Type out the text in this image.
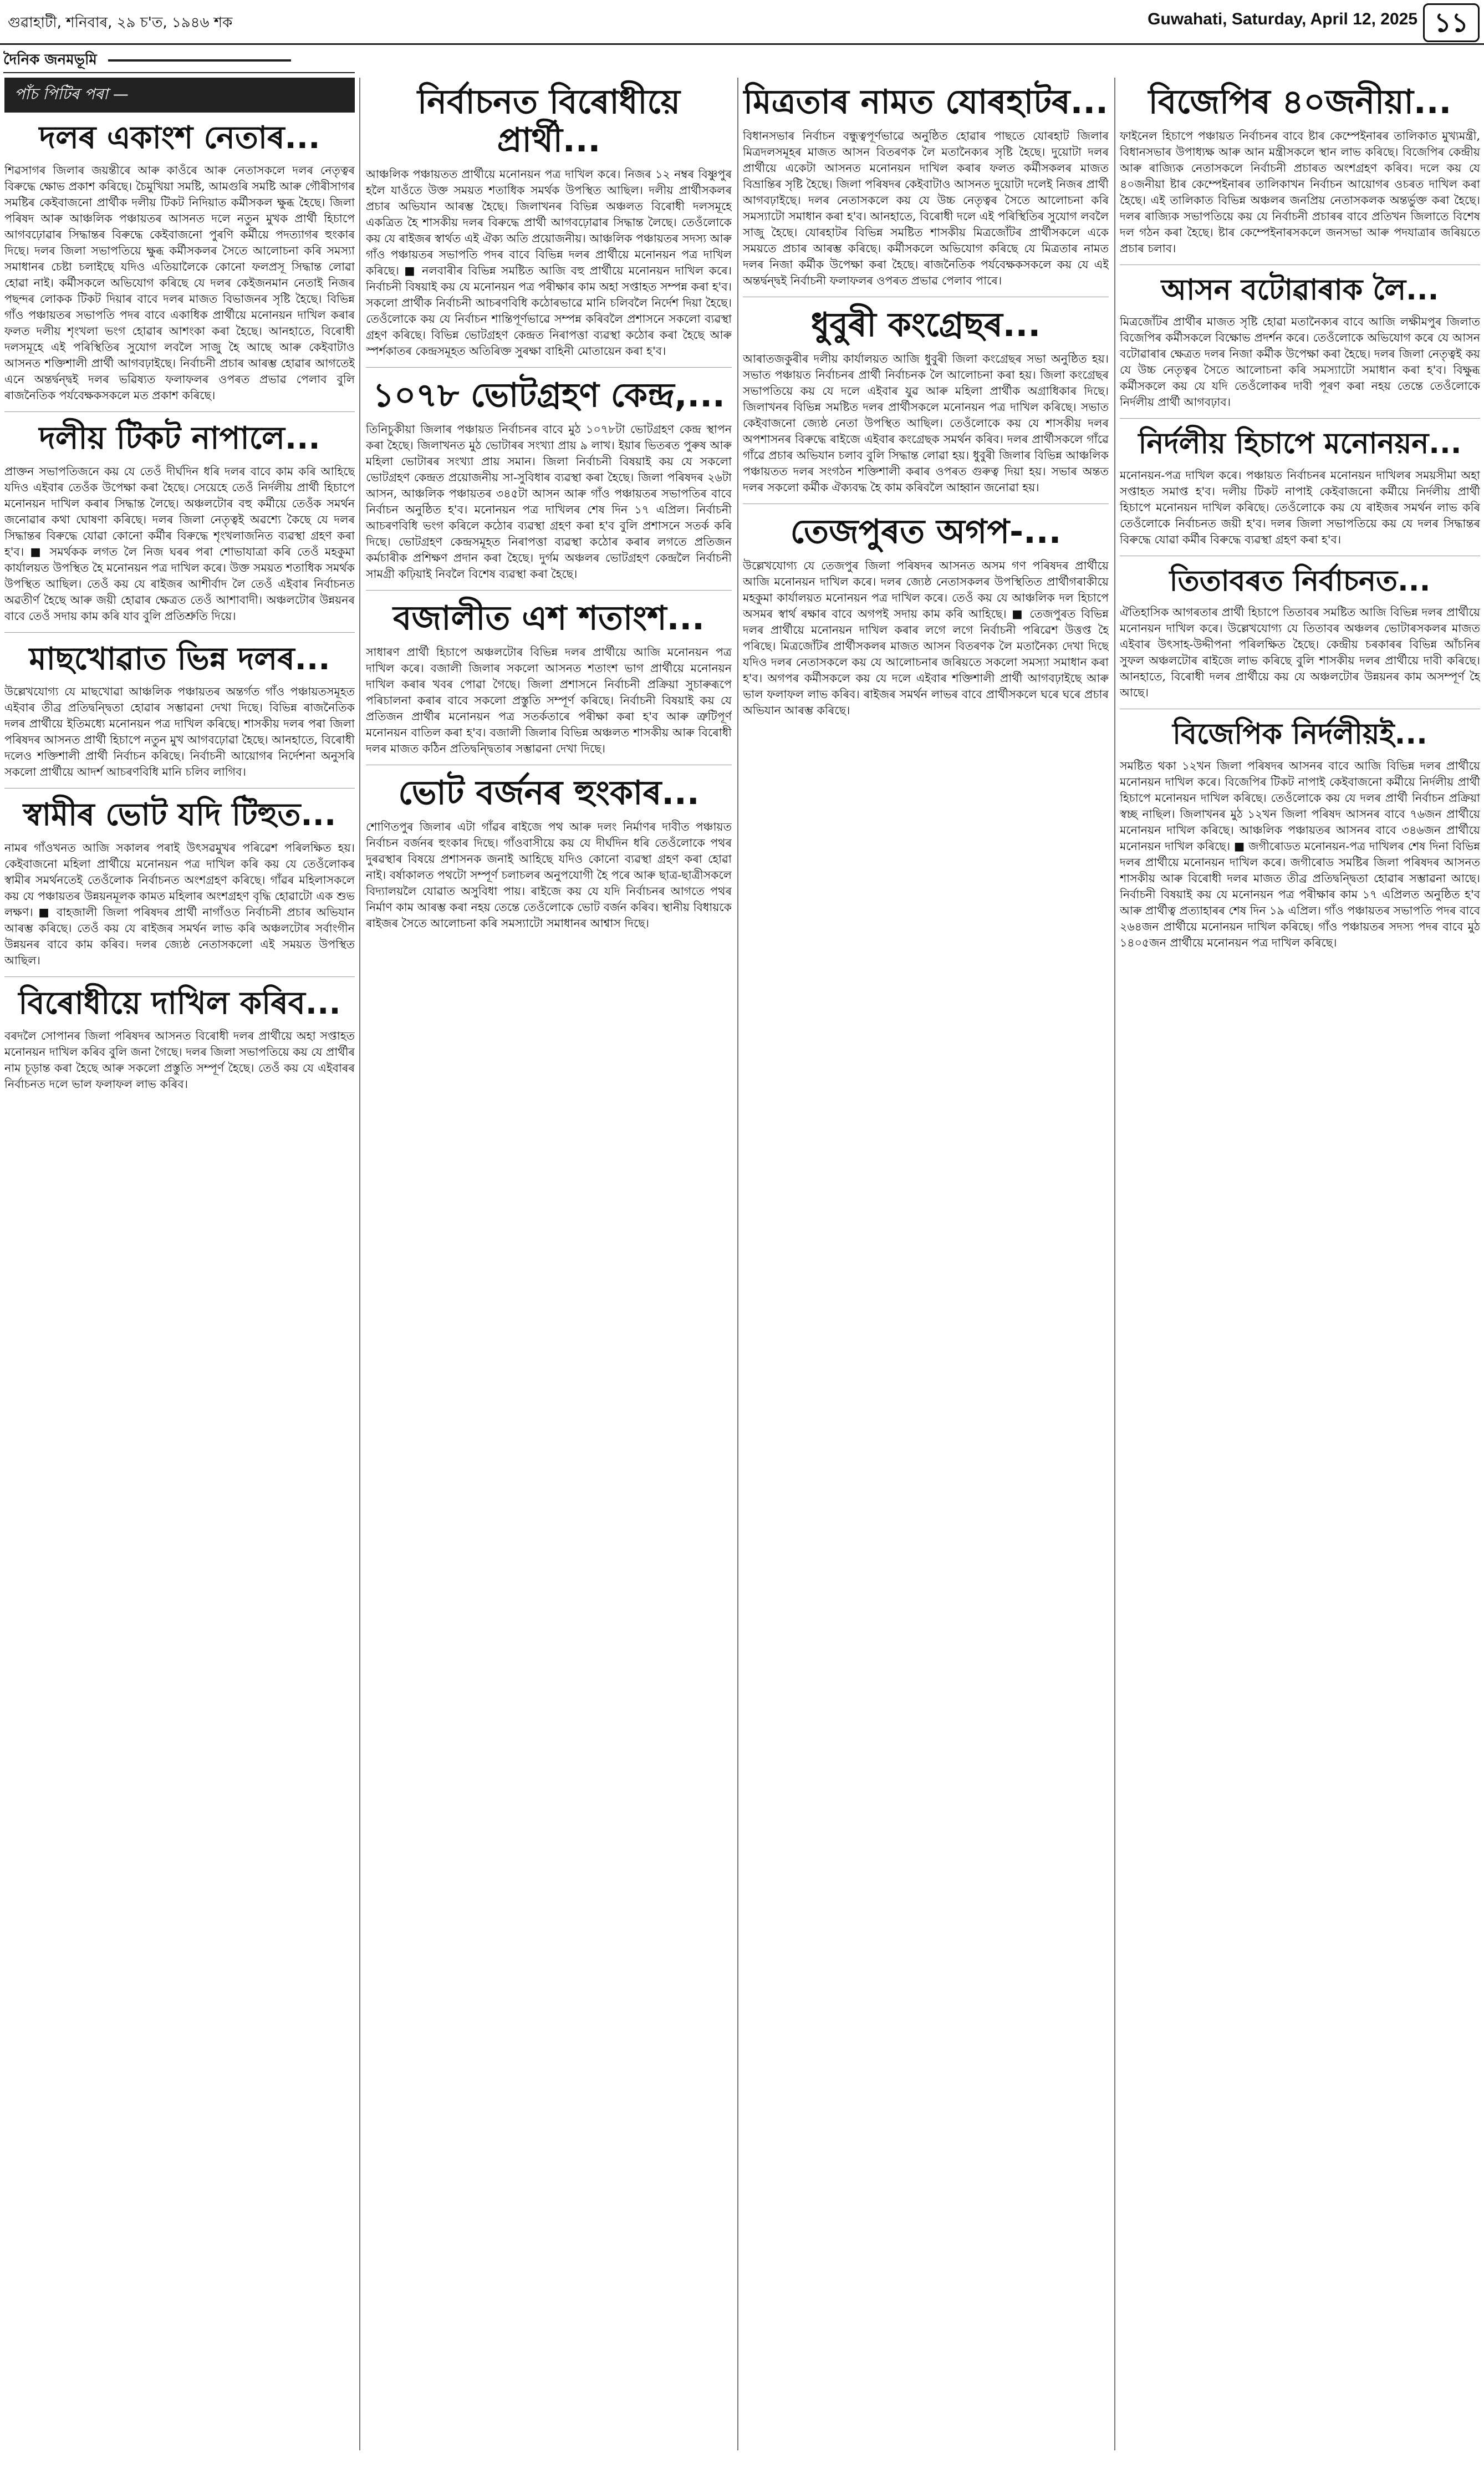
গুৱাহাটী, শনিবাৰ, ২৯ চ'ত, ১৯৪৬ শক	Guwahati, Saturday, April 12, 2025 ১১
দৈনিক জনমভূমি
পাঁচ পিটিৰ পৰা —
দলৰ একাংশ নেতাৰ...

শিৱসাগৰ জিলাৰ জয়ন্তীৰে আৰু কাওঁৰে আৰু নেতাসকলে দলৰ নেতৃত্বৰ বিৰুদ্ধে ক্ষোভ প্ৰকাশ কৰিছে। চৈমুখিয়া সমষ্টি, আমগুৰি সমষ্টি আৰু গৌৰীসাগৰ সমষ্টিৰ কেইবাজনো প্ৰাৰ্থীক দলীয় টিকট নিদিয়াত কৰ্মীসকল ক্ষুব্ধ হৈছে। জিলা পৰিষদ আৰু আঞ্চলিক পঞ্চায়তৰ আসনত দলে নতুন মুখক প্ৰাৰ্থী হিচাপে আগবঢ়োৱাৰ সিদ্ধান্তৰ বিৰুদ্ধে কেইবাজনো পুৰণি কৰ্মীয়ে পদত্যাগৰ হুংকাৰ দিছে। দলৰ জিলা সভাপতিয়ে ক্ষুব্ধ কৰ্মীসকলৰ সৈতে আলোচনা কৰি সমস্যা সমাধানৰ চেষ্টা চলাইছে যদিও এতিয়ালৈকে কোনো ফলপ্ৰসূ সিদ্ধান্ত লোৱা হোৱা নাই। কৰ্মীসকলে অভিযোগ কৰিছে যে দলৰ কেইজনমান নেতাই নিজৰ পছন্দৰ লোকক টিকট দিয়াৰ বাবে দলৰ মাজত বিভাজনৰ সৃষ্টি হৈছে। বিভিন্ন গাঁও পঞ্চায়তৰ সভাপতি পদৰ বাবে একাধিক প্ৰাৰ্থীয়ে মনোনয়ন দাখিল কৰাৰ ফলত দলীয় শৃংখলা ভংগ হোৱাৰ আশংকা কৰা হৈছে। আনহাতে, বিৰোধী দলসমূহে এই পৰিস্থিতিৰ সুযোগ লবলৈ সাজু হৈ আছে আৰু কেইবাটাও আসনত শক্তিশালী প্ৰাৰ্থী আগবঢ়াইছে। নিৰ্বাচনী প্ৰচাৰ আৰম্ভ হোৱাৰ আগতেই এনে অন্তৰ্দ্বন্দ্বই দলৰ ভৱিষ্যত ফলাফলৰ ওপৰত প্ৰভাৱ পেলাব বুলি ৰাজনৈতিক পৰ্যবেক্ষকসকলে মত প্ৰকাশ কৰিছে।

দলীয় টিকট নাপালে...

প্ৰাক্তন সভাপতিজনে কয় যে তেওঁ দীৰ্ঘদিন ধৰি দলৰ বাবে কাম কৰি আহিছে যদিও এইবাৰ তেওঁক উপেক্ষা কৰা হৈছে। সেয়েহে তেওঁ নিৰ্দলীয় প্ৰাৰ্থী হিচাপে মনোনয়ন দাখিল কৰাৰ সিদ্ধান্ত লৈছে। অঞ্চলটোৰ বহু কৰ্মীয়ে তেওঁক সমৰ্থন জনোৱাৰ কথা ঘোষণা কৰিছে। দলৰ জিলা নেতৃত্বই অৱশ্যে কৈছে যে দলৰ সিদ্ধান্তৰ বিৰুদ্ধে যোৱা কোনো কৰ্মীৰ বিৰুদ্ধে শৃংখলাজনিত ব্যৱস্থা গ্ৰহণ কৰা হ'ব। ■ সমৰ্থকক লগত লৈ নিজ ঘৰৰ পৰা শোভাযাত্ৰা কৰি তেওঁ মহকুমা কাৰ্যালয়ত উপস্থিত হৈ মনোনয়ন পত্ৰ দাখিল কৰে। উক্ত সময়ত শতাধিক সমৰ্থক উপস্থিত আছিল। তেওঁ কয় যে ৰাইজৰ আশীৰ্বাদ লৈ তেওঁ এইবাৰ নিৰ্বাচনত অৱতীৰ্ণ হৈছে আৰু জয়ী হোৱাৰ ক্ষেত্ৰত তেওঁ আশাবাদী। অঞ্চলটোৰ উন্নয়নৰ বাবে তেওঁ সদায় কাম কৰি যাব বুলি প্ৰতিশ্ৰুতি দিয়ে।

মাছখোৱাত ভিন্ন দলৰ...

উল্লেখযোগ্য যে মাছখোৱা আঞ্চলিক পঞ্চায়তৰ অন্তৰ্গত গাঁও পঞ্চায়তসমূহত এইবাৰ তীব্ৰ প্ৰতিদ্বন্দ্বিতা হোৱাৰ সম্ভাৱনা দেখা দিছে। বিভিন্ন ৰাজনৈতিক দলৰ প্ৰাৰ্থীয়ে ইতিমধ্যে মনোনয়ন পত্ৰ দাখিল কৰিছে। শাসকীয় দলৰ পৰা জিলা পৰিষদৰ আসনত প্ৰাৰ্থী হিচাপে নতুন মুখ আগবঢ়োৱা হৈছে। আনহাতে, বিৰোধী দলেও শক্তিশালী প্ৰাৰ্থী নিৰ্বাচন কৰিছে। নিৰ্বাচনী আয়োগৰ নিৰ্দেশনা অনুসৰি সকলো প্ৰাৰ্থীয়ে আদৰ্শ আচৰণবিধি মানি চলিব লাগিব।

স্বামীৰ ভোট যদি টিহুত...

নামৰ গাঁওখনত আজি সকালৰ পৰাই উৎসৱমুখৰ পৰিৱেশ পৰিলক্ষিত হয়। কেইবাজনো মহিলা প্ৰাৰ্থীয়ে মনোনয়ন পত্ৰ দাখিল কৰি কয় যে তেওঁলোকৰ স্বামীৰ সমৰ্থনতেই তেওঁলোক নিৰ্বাচনত অংশগ্ৰহণ কৰিছে। গাঁৱৰ মহিলাসকলে কয় যে পঞ্চায়তৰ উন্নয়নমূলক কামত মহিলাৰ অংশগ্ৰহণ বৃদ্ধি হোৱাটো এক শুভ লক্ষণ। ■ বাহজালী জিলা পৰিষদৰ প্ৰাৰ্থী নাগাঁওত নিৰ্বাচনী প্ৰচাৰ অভিযান আৰম্ভ কৰিছে। তেওঁ কয় যে ৰাইজৰ সমৰ্থন লাভ কৰি অঞ্চলটোৰ সৰ্বাংগীন উন্নয়নৰ বাবে কাম কৰিব। দলৰ জ্যেষ্ঠ নেতাসকলো এই সময়ত উপস্থিত আছিল।

বিৰোধীয়ে দাখিল কৰিব...

বৰদলৈ সোপানৰ জিলা পৰিষদৰ আসনত বিৰোধী দলৰ প্ৰাৰ্থীয়ে অহা সপ্তাহত মনোনয়ন দাখিল কৰিব বুলি জনা গৈছে। দলৰ জিলা সভাপতিয়ে কয় যে প্ৰাৰ্থীৰ নাম চূড়ান্ত কৰা হৈছে আৰু সকলো প্ৰস্তুতি সম্পূৰ্ণ হৈছে। তেওঁ কয় যে এইবাৰৰ নিৰ্বাচনত দলে ভাল ফলাফল লাভ কৰিব।

নিৰ্বাচনত বিৰোধীয়ে প্ৰাৰ্থী...

আঞ্চলিক পঞ্চায়তত প্ৰাৰ্থীয়ে মনোনয়ন পত্ৰ দাখিল কৰে। নিজৰ ১২ নম্বৰ বিষ্ণুপুৰ হলৈ যাওঁতে উক্ত সময়ত শতাধিক সমৰ্থক উপস্থিত আছিল। দলীয় প্ৰাৰ্থীসকলৰ প্ৰচাৰ অভিযান আৰম্ভ হৈছে। জিলাখনৰ বিভিন্ন অঞ্চলত বিৰোধী দলসমূহে একত্ৰিত হৈ শাসকীয় দলৰ বিৰুদ্ধে প্ৰাৰ্থী আগবঢ়োৱাৰ সিদ্ধান্ত লৈছে। তেওঁলোকে কয় যে ৰাইজৰ স্বাৰ্থত এই ঐক্য অতি প্ৰয়োজনীয়। আঞ্চলিক পঞ্চায়তৰ সদস্য আৰু গাঁও পঞ্চায়তৰ সভাপতি পদৰ বাবে বিভিন্ন দলৰ প্ৰাৰ্থীয়ে মনোনয়ন পত্ৰ দাখিল কৰিছে। ■ নলবাৰীৰ বিভিন্ন সমষ্টিত আজি বহু প্ৰাৰ্থীয়ে মনোনয়ন দাখিল কৰে। নিৰ্বাচনী বিষয়াই কয় যে মনোনয়ন পত্ৰ পৰীক্ষাৰ কাম অহা সপ্তাহত সম্পন্ন কৰা হ'ব। সকলো প্ৰাৰ্থীক নিৰ্বাচনী আচৰণবিধি কঠোৰভাৱে মানি চলিবলৈ নিৰ্দেশ দিয়া হৈছে। তেওঁলোকে কয় যে নিৰ্বাচন শান্তিপূৰ্ণভাৱে সম্পন্ন কৰিবলৈ প্ৰশাসনে সকলো ব্যৱস্থা গ্ৰহণ কৰিছে। বিভিন্ন ভোটগ্ৰহণ কেন্দ্ৰত নিৰাপত্তা ব্যৱস্থা কঠোৰ কৰা হৈছে আৰু স্পৰ্শকাতৰ কেন্দ্ৰসমূহত অতিৰিক্ত সুৰক্ষা বাহিনী মোতায়েন কৰা হ'ব।

১০৭৮ ভোটগ্ৰহণ কেন্দ্ৰ,...

তিনিচুকীয়া জিলাৰ পঞ্চায়ত নিৰ্বাচনৰ বাবে মুঠ ১০৭৮টা ভোটগ্ৰহণ কেন্দ্ৰ স্থাপন কৰা হৈছে। জিলাখনত মুঠ ভোটাৰৰ সংখ্যা প্ৰায় ৯ লাখ। ইয়াৰ ভিতৰত পুৰুষ আৰু মহিলা ভোটাৰৰ সংখ্যা প্ৰায় সমান। জিলা নিৰ্বাচনী বিষয়াই কয় যে সকলো ভোটগ্ৰহণ কেন্দ্ৰত প্ৰয়োজনীয় সা-সুবিধাৰ ব্যৱস্থা কৰা হৈছে। জিলা পৰিষদৰ ২৬টা আসন, আঞ্চলিক পঞ্চায়তৰ ৩৪৫টা আসন আৰু গাঁও পঞ্চায়তৰ সভাপতিৰ বাবে নিৰ্বাচন অনুষ্ঠিত হ'ব। মনোনয়ন পত্ৰ দাখিলৰ শেষ দিন ১৭ এপ্ৰিল। নিৰ্বাচনী আচৰণবিধি ভংগ কৰিলে কঠোৰ ব্যৱস্থা গ্ৰহণ কৰা হ'ব বুলি প্ৰশাসনে সতৰ্ক কৰি দিছে। ভোটগ্ৰহণ কেন্দ্ৰসমূহত নিৰাপত্তা ব্যৱস্থা কঠোৰ কৰাৰ লগতে প্ৰতিজন কৰ্মচাৰীক প্ৰশিক্ষণ প্ৰদান কৰা হৈছে। দুৰ্গম অঞ্চলৰ ভোটগ্ৰহণ কেন্দ্ৰলৈ নিৰ্বাচনী সামগ্ৰী কঢ়িয়াই নিবলৈ বিশেষ ব্যৱস্থা কৰা হৈছে।

বজালীত এশ শতাংশ...

সাধাৰণ প্ৰাৰ্থী হিচাপে অঞ্চলটোৰ বিভিন্ন দলৰ প্ৰাৰ্থীয়ে আজি মনোনয়ন পত্ৰ দাখিল কৰে। বজালী জিলাৰ সকলো আসনত শতাংশ ভাগ প্ৰাৰ্থীয়ে মনোনয়ন দাখিল কৰাৰ খবৰ পোৱা গৈছে। জিলা প্ৰশাসনে নিৰ্বাচনী প্ৰক্ৰিয়া সুচাৰুৰূপে পৰিচালনা কৰাৰ বাবে সকলো প্ৰস্তুতি সম্পূৰ্ণ কৰিছে। নিৰ্বাচনী বিষয়াই কয় যে প্ৰতিজন প্ৰাৰ্থীৰ মনোনয়ন পত্ৰ সতৰ্কতাৰে পৰীক্ষা কৰা হ'ব আৰু ত্ৰুটিপূৰ্ণ মনোনয়ন বাতিল কৰা হ'ব। বজালী জিলাৰ বিভিন্ন অঞ্চলত শাসকীয় আৰু বিৰোধী দলৰ মাজত কঠিন প্ৰতিদ্বন্দ্বিতাৰ সম্ভাৱনা দেখা দিছে।

ভোট বৰ্জনৰ হুংকাৰ...

শোণিতপুৰ জিলাৰ এটা গাঁৱৰ ৰাইজে পথ আৰু দলং নিৰ্মাণৰ দাবীত পঞ্চায়ত নিৰ্বাচন বৰ্জনৰ হুংকাৰ দিছে। গাঁওবাসীয়ে কয় যে দীৰ্ঘদিন ধৰি তেওঁলোকে পথৰ দুৰৱস্থাৰ বিষয়ে প্ৰশাসনক জনাই আহিছে যদিও কোনো ব্যৱস্থা গ্ৰহণ কৰা হোৱা নাই। বৰ্ষাকালত পথটো সম্পূৰ্ণ চলাচলৰ অনুপযোগী হৈ পৰে আৰু ছাত্ৰ-ছাত্ৰীসকলে বিদ্যালয়লৈ যোৱাত অসুবিধা পায়। ৰাইজে কয় যে যদি নিৰ্বাচনৰ আগতে পথৰ নিৰ্মাণ কাম আৰম্ভ কৰা নহয় তেন্তে তেওঁলোকে ভোট বৰ্জন কৰিব। স্থানীয় বিধায়কে ৰাইজৰ সৈতে আলোচনা কৰি সমস্যাটো সমাধানৰ আশ্বাস দিছে।

মিত্ৰতাৰ নামত যোৰহাটৰ...

বিধানসভাৰ নিৰ্বাচন বন্ধুত্বপূৰ্ণভাৱে অনুষ্ঠিত হোৱাৰ পাছতে যোৰহাট জিলাৰ মিত্ৰদলসমূহৰ মাজত আসন বিতৰণক লৈ মতানৈক্যৰ সৃষ্টি হৈছে। দুয়োটা দলৰ প্ৰাৰ্থীয়ে একেটা আসনত মনোনয়ন দাখিল কৰাৰ ফলত কৰ্মীসকলৰ মাজত বিভ্ৰান্তিৰ সৃষ্টি হৈছে। জিলা পৰিষদৰ কেইবাটাও আসনত দুয়োটা দলেই নিজৰ প্ৰাৰ্থী আগবঢ়াইছে। দলৰ নেতাসকলে কয় যে উচ্চ নেতৃত্বৰ সৈতে আলোচনা কৰি সমস্যাটো সমাধান কৰা হ'ব। আনহাতে, বিৰোধী দলে এই পৰিস্থিতিৰ সুযোগ লবলৈ সাজু হৈছে। যোৰহাটৰ বিভিন্ন সমষ্টিত শাসকীয় মিত্ৰজোঁটৰ প্ৰাৰ্থীসকলে একে সময়তে প্ৰচাৰ আৰম্ভ কৰিছে। কৰ্মীসকলে অভিযোগ কৰিছে যে মিত্ৰতাৰ নামত দলৰ নিজা কৰ্মীক উপেক্ষা কৰা হৈছে। ৰাজনৈতিক পৰ্যবেক্ষকসকলে কয় যে এই অন্তৰ্দ্বন্দ্বই নিৰ্বাচনী ফলাফলৰ ওপৰত প্ৰভাৱ পেলাব পাৰে।

ধুবুৰী কংগ্ৰেছৰ...

আৰাতজকুৰীৰ দলীয় কাৰ্যালয়ত আজি ধুবুৰী জিলা কংগ্ৰেছৰ সভা অনুষ্ঠিত হয়। সভাত পঞ্চায়ত নিৰ্বাচনৰ প্ৰাৰ্থী নিৰ্বাচনক লৈ আলোচনা কৰা হয়। জিলা কংগ্ৰেছৰ সভাপতিয়ে কয় যে দলে এইবাৰ যুৱ আৰু মহিলা প্ৰাৰ্থীক অগ্ৰাধিকাৰ দিছে। জিলাখনৰ বিভিন্ন সমষ্টিত দলৰ প্ৰাৰ্থীসকলে মনোনয়ন পত্ৰ দাখিল কৰিছে। সভাত কেইবাজনো জ্যেষ্ঠ নেতা উপস্থিত আছিল। তেওঁলোকে কয় যে শাসকীয় দলৰ অপশাসনৰ বিৰুদ্ধে ৰাইজে এইবাৰ কংগ্ৰেছক সমৰ্থন কৰিব। দলৰ প্ৰাৰ্থীসকলে গাঁৱে গাঁৱে প্ৰচাৰ অভিযান চলাব বুলি সিদ্ধান্ত লোৱা হয়। ধুবুৰী জিলাৰ বিভিন্ন আঞ্চলিক পঞ্চায়তত দলৰ সংগঠন শক্তিশালী কৰাৰ ওপৰত গুৰুত্ব দিয়া হয়। সভাৰ অন্তত দলৰ সকলো কৰ্মীক ঐক্যবদ্ধ হৈ কাম কৰিবলৈ আহ্বান জনোৱা হয়।

তেজপুৰত অগপ-...

উল্লেখযোগ্য যে তেজপুৰ জিলা পৰিষদৰ আসনত অসম গণ পৰিষদৰ প্ৰাৰ্থীয়ে আজি মনোনয়ন দাখিল কৰে। দলৰ জ্যেষ্ঠ নেতাসকলৰ উপস্থিতিত প্ৰাৰ্থীগৰাকীয়ে মহকুমা কাৰ্যালয়ত মনোনয়ন পত্ৰ দাখিল কৰে। তেওঁ কয় যে আঞ্চলিক দল হিচাপে অসমৰ স্বাৰ্থ ৰক্ষাৰ বাবে অগপই সদায় কাম কৰি আহিছে। ■ তেজপুৰত বিভিন্ন দলৰ প্ৰাৰ্থীয়ে মনোনয়ন দাখিল কৰাৰ লগে লগে নিৰ্বাচনী পৰিৱেশ উত্তপ্ত হৈ পৰিছে। মিত্ৰজোঁটৰ প্ৰাৰ্থীসকলৰ মাজত আসন বিতৰণক লৈ মতানৈক্য দেখা দিছে যদিও দলৰ নেতাসকলে কয় যে আলোচনাৰ জৰিয়তে সকলো সমস্যা সমাধান কৰা হ'ব। অগপৰ কৰ্মীসকলে কয় যে দলে এইবাৰ শক্তিশালী প্ৰাৰ্থী আগবঢ়াইছে আৰু ভাল ফলাফল লাভ কৰিব। ৰাইজৰ সমৰ্থন লাভৰ বাবে প্ৰাৰ্থীসকলে ঘৰে ঘৰে প্ৰচাৰ অভিযান আৰম্ভ কৰিছে।

বিজেপিৰ ৪০জনীয়া...

ফাইনেল হিচাপে পঞ্চায়ত নিৰ্বাচনৰ বাবে ষ্টাৰ কেম্পেইনাৰৰ তালিকাত মুখ্যমন্ত্ৰী, বিধানসভাৰ উপাধ্যক্ষ আৰু আন মন্ত্ৰীসকলে স্থান লাভ কৰিছে। বিজেপিৰ কেন্দ্ৰীয় আৰু ৰাজ্যিক নেতাসকলে নিৰ্বাচনী প্ৰচাৰত অংশগ্ৰহণ কৰিব। দলে কয় যে ৪০জনীয়া ষ্টাৰ কেম্পেইনাৰৰ তালিকাখন নিৰ্বাচন আয়োগৰ ওচৰত দাখিল কৰা হৈছে। এই তালিকাত বিভিন্ন অঞ্চলৰ জনপ্ৰিয় নেতাসকলক অন্তৰ্ভুক্ত কৰা হৈছে। দলৰ ৰাজ্যিক সভাপতিয়ে কয় যে নিৰ্বাচনী প্ৰচাৰৰ বাবে প্ৰতিখন জিলাতে বিশেষ দল গঠন কৰা হৈছে। ষ্টাৰ কেম্পেইনাৰসকলে জনসভা আৰু পদযাত্ৰাৰ জৰিয়তে প্ৰচাৰ চলাব।

আসন বটোৱাৰাক লৈ...

মিত্ৰজোঁটৰ প্ৰাৰ্থীৰ মাজত সৃষ্টি হোৱা মতানৈক্যৰ বাবে আজি লক্ষীমপুৰ জিলাত বিজেপিৰ কৰ্মীসকলে বিক্ষোভ প্ৰদৰ্শন কৰে। তেওঁলোকে অভিযোগ কৰে যে আসন বটোৱাৰাৰ ক্ষেত্ৰত দলৰ নিজা কৰ্মীক উপেক্ষা কৰা হৈছে। দলৰ জিলা নেতৃত্বই কয় যে উচ্চ নেতৃত্বৰ সৈতে আলোচনা কৰি সমস্যাটো সমাধান কৰা হ'ব। বিক্ষুব্ধ কৰ্মীসকলে কয় যে যদি তেওঁলোকৰ দাবী পূৰণ কৰা নহয় তেন্তে তেওঁলোকে নিৰ্দলীয় প্ৰাৰ্থী আগবঢ়াব।

নিৰ্দলীয় হিচাপে মনোনয়ন...

মনোনয়ন-পত্ৰ দাখিল কৰে। পঞ্চায়ত নিৰ্বাচনৰ মনোনয়ন দাখিলৰ সময়সীমা অহা সপ্তাহত সমাপ্ত হ'ব। দলীয় টিকট নাপাই কেইবাজনো কৰ্মীয়ে নিৰ্দলীয় প্ৰাৰ্থী হিচাপে মনোনয়ন দাখিল কৰিছে। তেওঁলোকে কয় যে ৰাইজৰ সমৰ্থন লাভ কৰি তেওঁলোকে নিৰ্বাচনত জয়ী হ'ব। দলৰ জিলা সভাপতিয়ে কয় যে দলৰ সিদ্ধান্তৰ বিৰুদ্ধে যোৱা কৰ্মীৰ বিৰুদ্ধে ব্যৱস্থা গ্ৰহণ কৰা হ'ব।

তিতাবৰত নিৰ্বাচনত...

ঐতিহাসিক আগৰতাৰ প্ৰাৰ্থী হিচাপে তিতাবৰ সমষ্টিত আজি বিভিন্ন দলৰ প্ৰাৰ্থীয়ে মনোনয়ন দাখিল কৰে। উল্লেখযোগ্য যে তিতাবৰ অঞ্চলৰ ভোটাৰসকলৰ মাজত এইবাৰ উৎসাহ-উদ্দীপনা পৰিলক্ষিত হৈছে। কেন্দ্ৰীয় চৰকাৰৰ বিভিন্ন আঁচনিৰ সুফল অঞ্চলটোৰ ৰাইজে লাভ কৰিছে বুলি শাসকীয় দলৰ প্ৰাৰ্থীয়ে দাবী কৰিছে। আনহাতে, বিৰোধী দলৰ প্ৰাৰ্থীয়ে কয় যে অঞ্চলটোৰ উন্নয়নৰ কাম অসম্পূৰ্ণ হৈ আছে।

বিজেপিক নিৰ্দলীয়ই...

সমষ্টিত থকা ১২খন জিলা পৰিষদৰ আসনৰ বাবে আজি বিভিন্ন দলৰ প্ৰাৰ্থীয়ে মনোনয়ন দাখিল কৰে। বিজেপিৰ টিকট নাপাই কেইবাজনো কৰ্মীয়ে নিৰ্দলীয় প্ৰাৰ্থী হিচাপে মনোনয়ন দাখিল কৰিছে। তেওঁলোকে কয় যে দলৰ প্ৰাৰ্থী নিৰ্বাচন প্ৰক্ৰিয়া স্বচ্ছ নাছিল। জিলাখনৰ মুঠ ১২খন জিলা পৰিষদ আসনৰ বাবে ৭৬জন প্ৰাৰ্থীয়ে মনোনয়ন দাখিল কৰিছে। আঞ্চলিক পঞ্চায়তৰ আসনৰ বাবে ৩৪৬জন প্ৰাৰ্থীয়ে মনোনয়ন দাখিল কৰিছে। ■ জগীৰোডত মনোনয়ন-পত্ৰ দাখিলৰ শেষ দিনা বিভিন্ন দলৰ প্ৰাৰ্থীয়ে মনোনয়ন দাখিল কৰে। জগীৰোড সমষ্টিৰ জিলা পৰিষদৰ আসনত শাসকীয় আৰু বিৰোধী দলৰ মাজত তীব্ৰ প্ৰতিদ্বন্দ্বিতা হোৱাৰ সম্ভাৱনা আছে। নিৰ্বাচনী বিষয়াই কয় যে মনোনয়ন পত্ৰ পৰীক্ষাৰ কাম ১৭ এপ্ৰিলত অনুষ্ঠিত হ'ব আৰু প্ৰাৰ্থীত্ব প্ৰত্যাহাৰৰ শেষ দিন ১৯ এপ্ৰিল। গাঁও পঞ্চায়তৰ সভাপতি পদৰ বাবে ২৬৪জন প্ৰাৰ্থীয়ে মনোনয়ন দাখিল কৰিছে। গাঁও পঞ্চায়তৰ সদস্য পদৰ বাবে মুঠ ১৪০৫জন প্ৰাৰ্থীয়ে মনোনয়ন পত্ৰ দাখিল কৰিছে।
